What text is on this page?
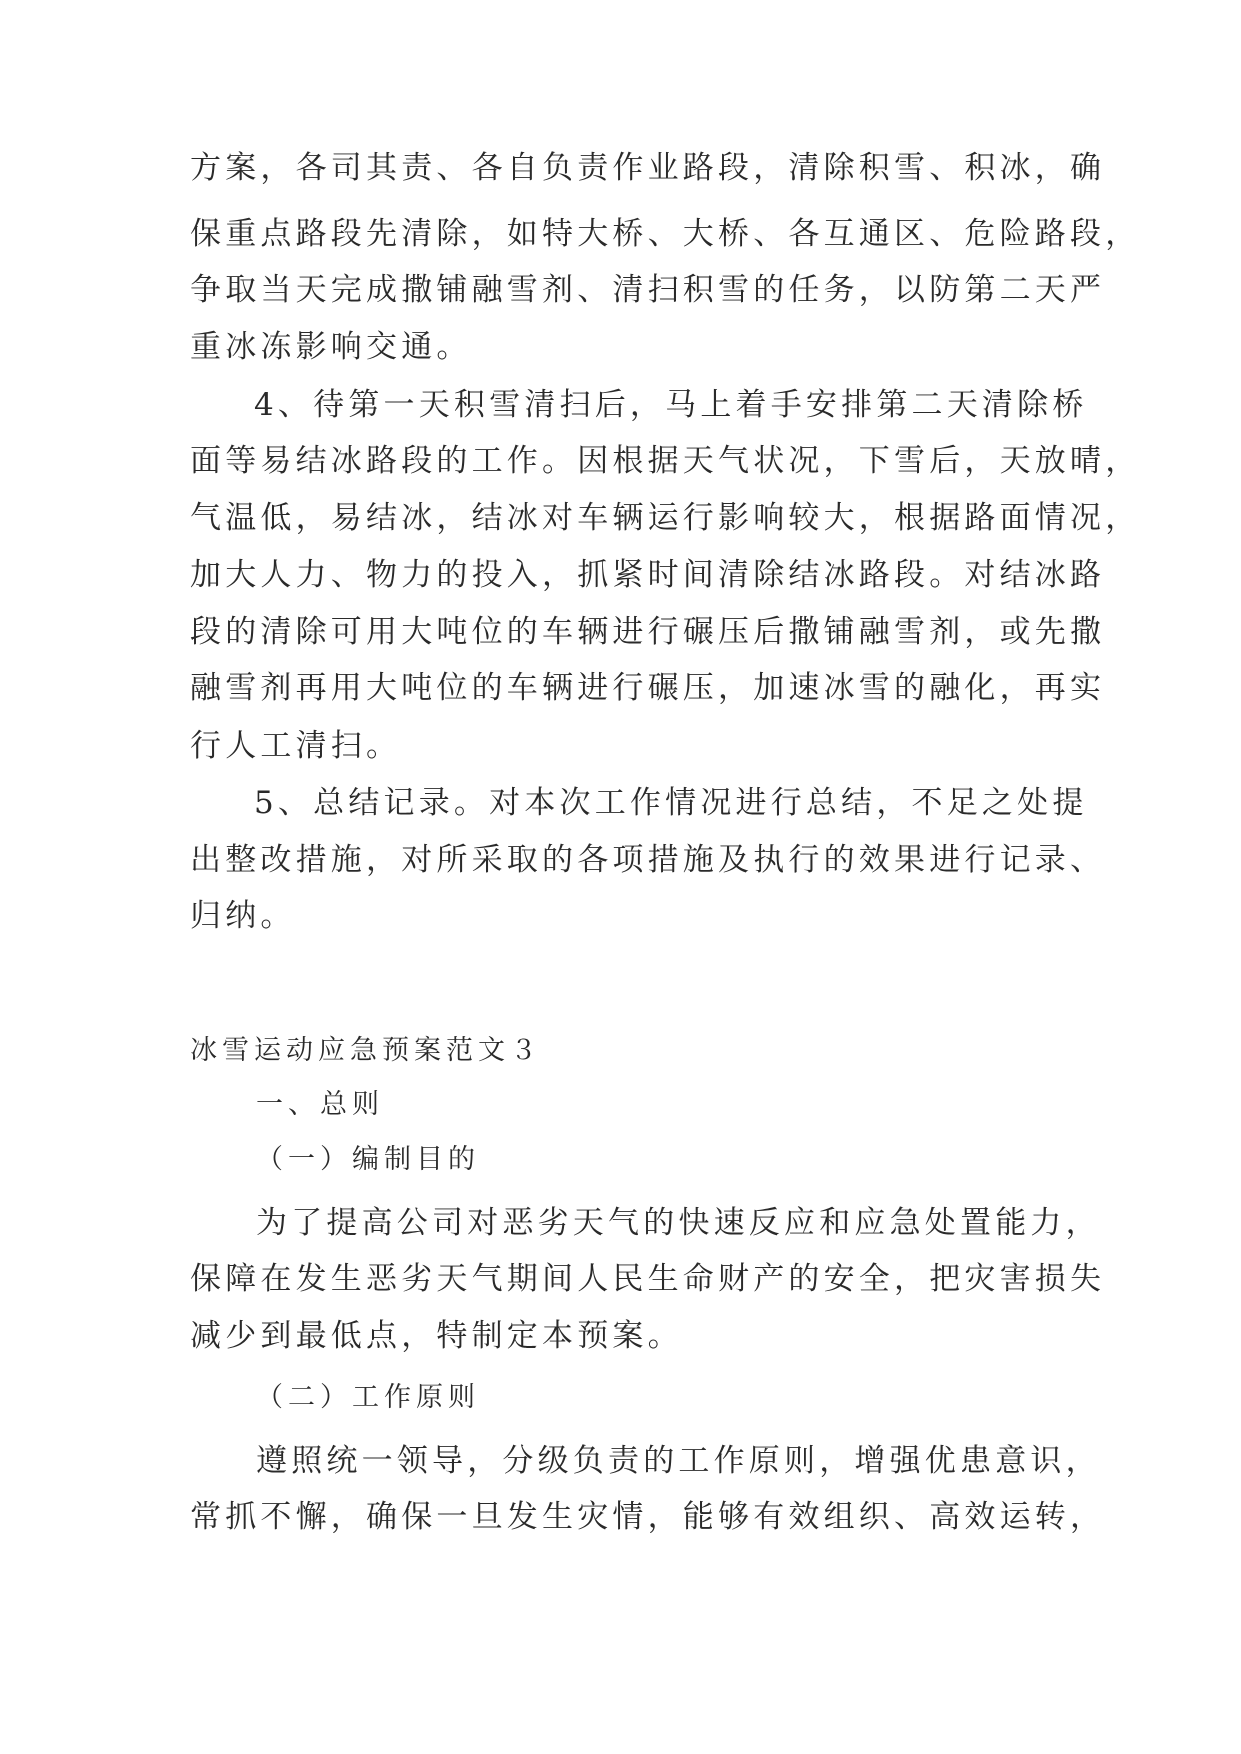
方案，各司其责、各自负责作业路段，清除积雪、积冰，确
保重点路段先清除，如特大桥、大桥、各互通区、危险路段，
争取当天完成撒铺融雪剂、清扫积雪的任务，以防第二天严
重冰冻影响交通。
4、待第一天积雪清扫后，马上着手安排第二天清除桥
面等易结冰路段的工作。因根据天气状况，下雪后，天放晴，
气温低，易结冰，结冰对车辆运行影响较大，根据路面情况，
加大人力、物力的投入，抓紧时间清除结冰路段。对结冰路
段的清除可用大吨位的车辆进行碾压后撒铺融雪剂，或先撒
融雪剂再用大吨位的车辆进行碾压，加速冰雪的融化，再实
行人工清扫。
5、总结记录。对本次工作情况进行总结，不足之处提
出整改措施，对所采取的各项措施及执行的效果进行记录、
归纳。
冰雪运动应急预案范文３
一、总则
（一）编制目的
为了提高公司对恶劣天气的快速反应和应急处置能力，
保障在发生恶劣天气期间人民生命财产的安全，把灾害损失
减少到最低点，特制定本预案。
（二）工作原则
遵照统一领导，分级负责的工作原则，增强优患意识，
常抓不懈，确保一旦发生灾情，能够有效组织、高效运转，
